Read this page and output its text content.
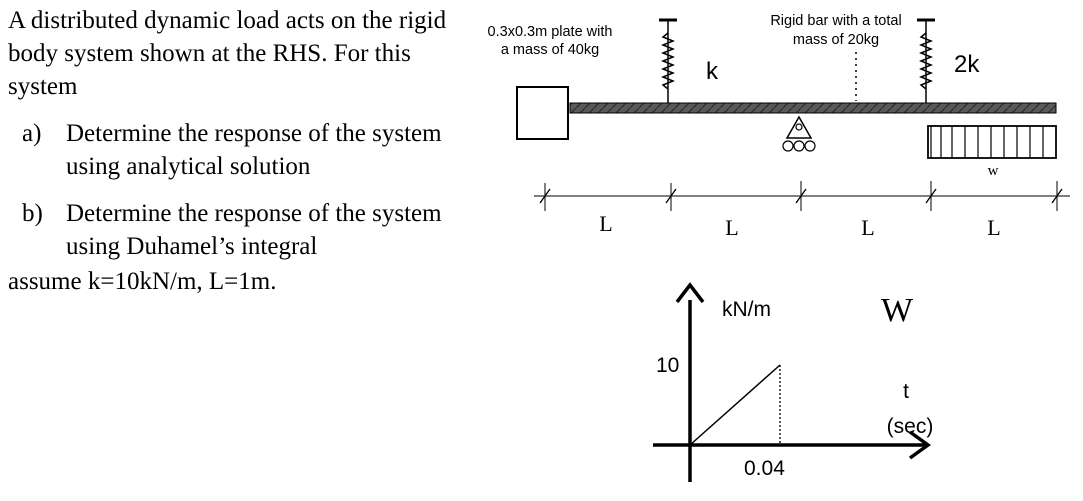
A distributed dynamic load acts on the rigid body system shown at the RHS. For this system

a) Determine the response of the system using analytical solution
b) Determine the response of the system using Duhamel’s integral

assume k=10kN/m, L=1m.

0.3x0.3m plate with
a mass of 40kg
Rigid bar with a total
mass of 20kg
k	2k
w
L	L	L	L
kN/m	W
10
0.04
t
(sec)
